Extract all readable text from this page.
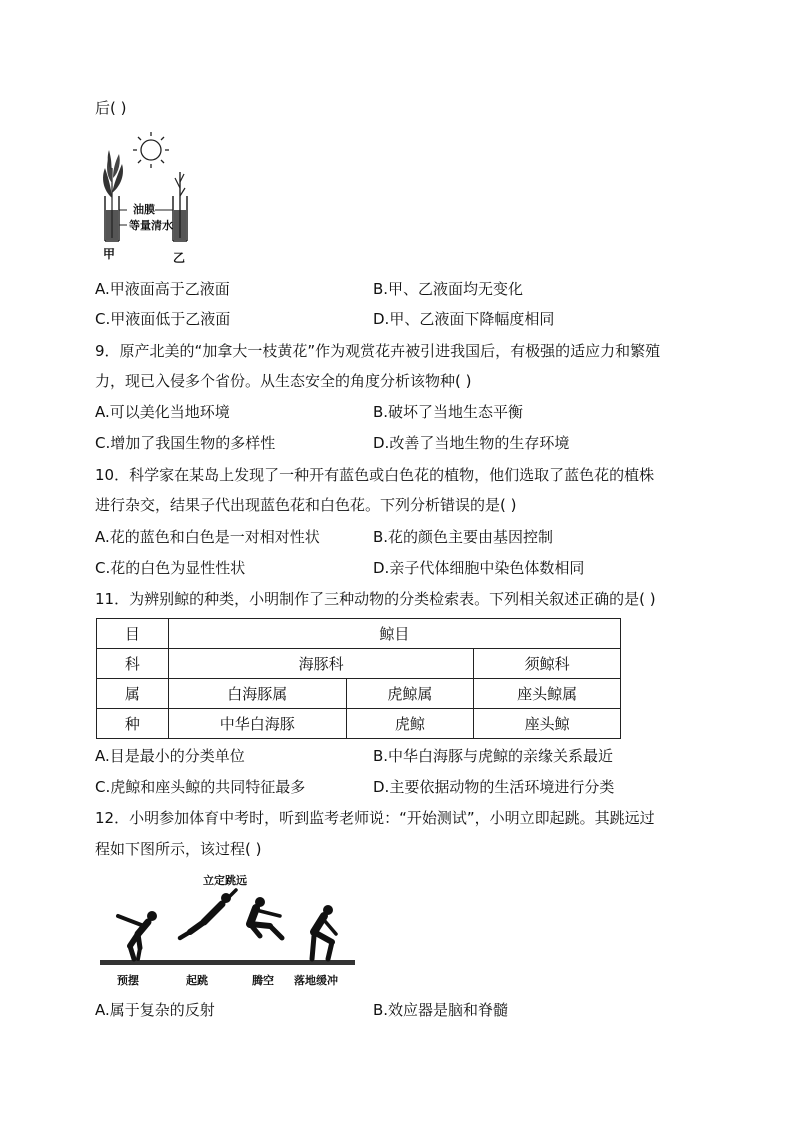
后( )
油膜
等量清水
甲	乙
A.甲液面高于乙液面	B.甲、乙液面均无变化
C.甲液面低于乙液面	D.甲、乙液面下降幅度相同
9．原产北美的“加拿大一枝黄花”作为观赏花卉被引进我国后，有极强的适应力和繁殖
力，现已入侵多个省份。从生态安全的角度分析该物种( )
A.可以美化当地环境	B.破坏了当地生态平衡
C.增加了我国生物的多样性	D.改善了当地生物的生存环境
10．科学家在某岛上发现了一种开有蓝色或白色花的植物，他们选取了蓝色花的植株
进行杂交，结果子代出现蓝色花和白色花。下列分析错误的是( )
A.花的蓝色和白色是一对相对性状	B.花的颜色主要由基因控制
C.花的白色为显性性状	D.亲子代体细胞中染色体数相同
11．为辨别鲸的种类，小明制作了三种动物的分类检索表。下列相关叙述正确的是( )
目	鲸目		
科	海豚科		须鲸科
属	白海豚属	虎鲸属	座头鲸属
种	中华白海豚	虎鲸	座头鲸
A.目是最小的分类单位	B.中华白海豚与虎鲸的亲缘关系最近
C.虎鲸和座头鲸的共同特征最多	D.主要依据动物的生活环境进行分类
12．小明参加体育中考时，听到监考老师说：“开始测试”，小明立即起跳。其跳远过
程如下图所示，该过程( )
立定跳远
预摆	起跳	腾空 落地缓冲
A.属于复杂的反射	B.效应器是脑和脊髓
